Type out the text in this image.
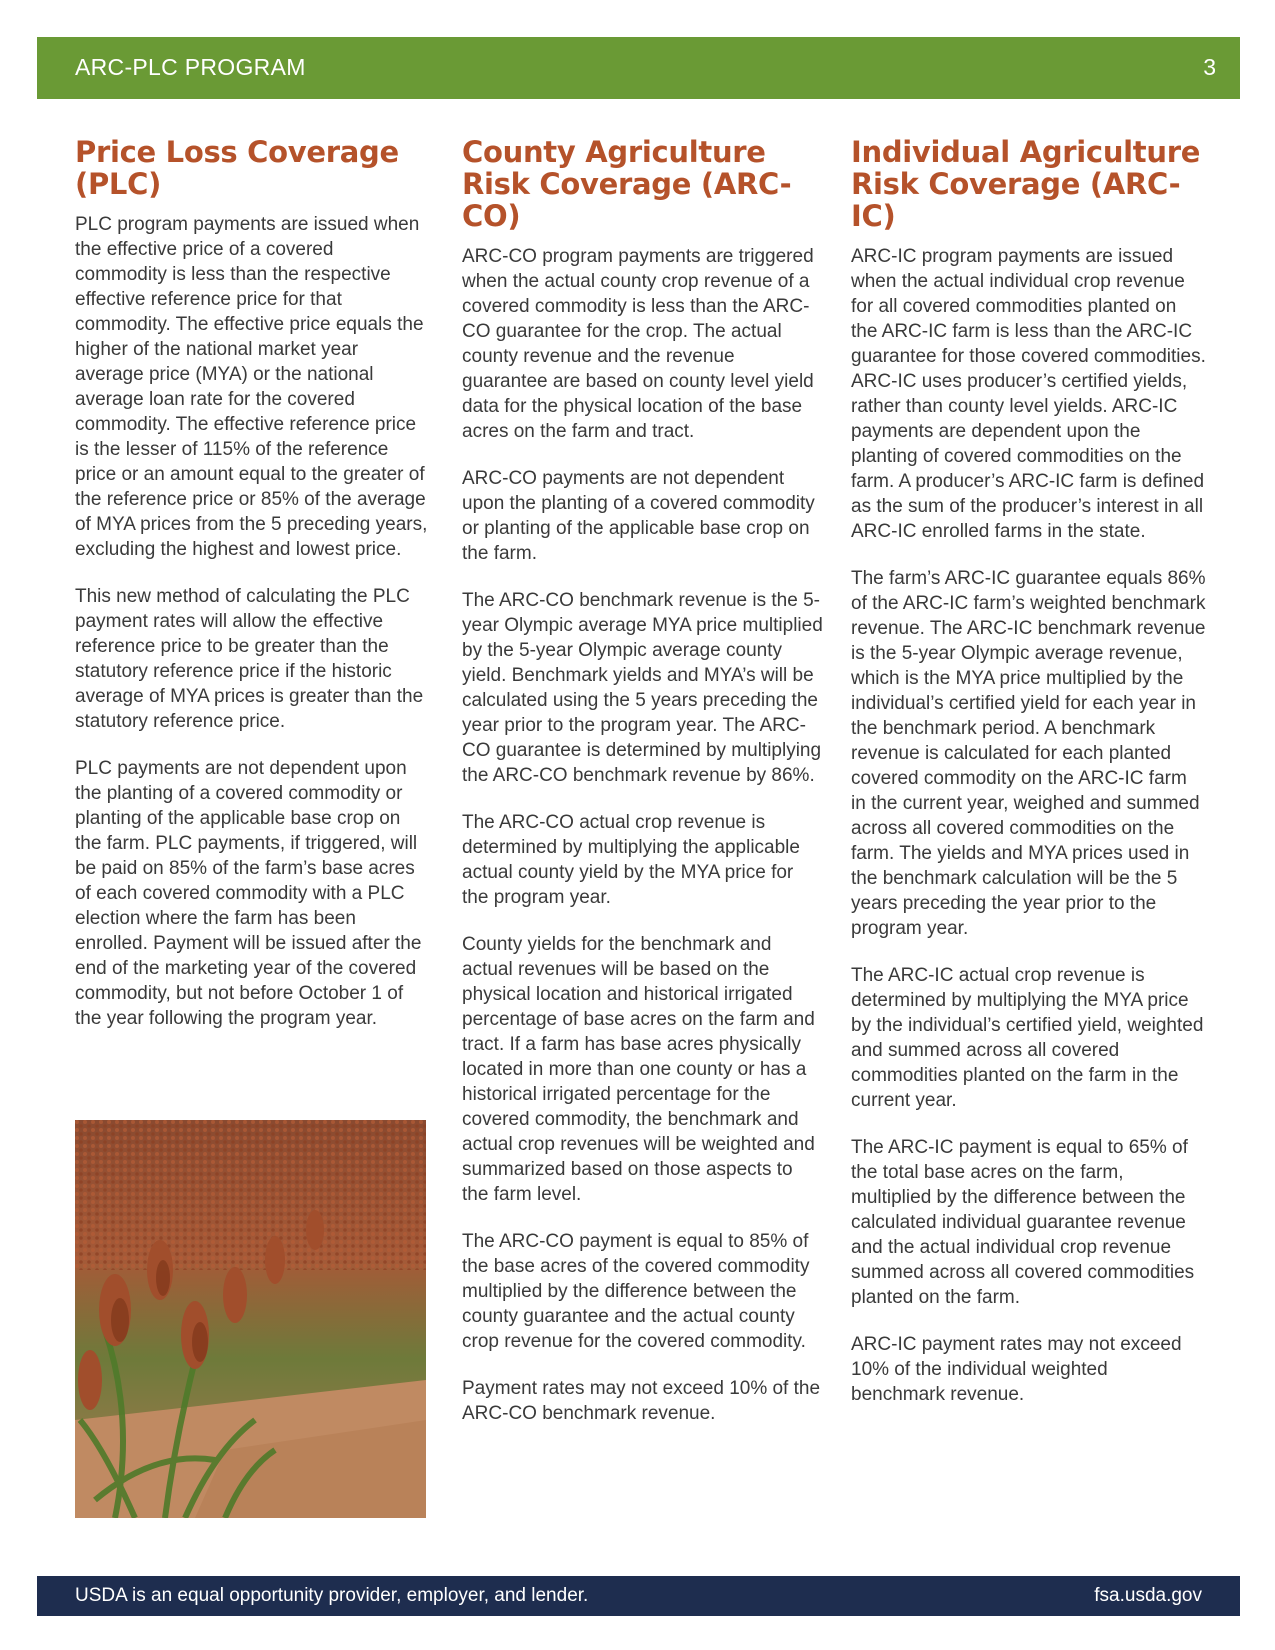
ARC-PLC PROGRAM	3
Price Loss Coverage (PLC)

PLC program payments are issued when the effective price of a covered commodity is less than the respective effective reference price for that commodity. The effective price equals the higher of the national market year average price (MYA) or the national average loan rate for the covered commodity. The effective reference price is the lesser of 115% of the reference price or an amount equal to the greater of the reference price or 85% of the average of MYA prices from the 5 preceding years, excluding the highest and lowest price.

This new method of calculating the PLC payment rates will allow the effective reference price to be greater than the statutory reference price if the historic average of MYA prices is greater than the statutory reference price.

PLC payments are not dependent upon the planting of a covered commodity or planting of the applicable base crop on the farm. PLC payments, if triggered, will be paid on 85% of the farm’s base acres of each covered commodity with a PLC election where the farm has been enrolled. Payment will be issued after the end of the marketing year of the covered commodity, but not before October 1 of the year following the program year.

County Agriculture Risk Coverage (ARC-CO)

ARC-CO program payments are triggered when the actual county crop revenue of a covered commodity is less than the ARC-CO guarantee for the crop. The actual county revenue and the revenue guarantee are based on county level yield data for the physical location of the base acres on the farm and tract.

ARC-CO payments are not dependent upon the planting of a covered commodity or planting of the applicable base crop on the farm.

The ARC-CO benchmark revenue is the 5-year Olympic average MYA price multiplied by the 5-year Olympic average county yield. Benchmark yields and MYA’s will be calculated using the 5 years preceding the year prior to the program year. The ARC-CO guarantee is determined by multiplying the ARC-CO benchmark revenue by 86%.

The ARC-CO actual crop revenue is determined by multiplying the applicable actual county yield by the MYA price for the program year.

County yields for the benchmark and actual revenues will be based on the physical location and historical irrigated percentage of base acres on the farm and tract. If a farm has base acres physically located in more than one county or has a historical irrigated percentage for the covered commodity, the benchmark and actual crop revenues will be weighted and summarized based on those aspects to the farm level.

The ARC-CO payment is equal to 85% of the base acres of the covered commodity multiplied by the difference between the county guarantee and the actual county crop revenue for the covered commodity.

Payment rates may not exceed 10% of the ARC-CO benchmark revenue.

Individual Agriculture Risk Coverage (ARC-IC)

ARC-IC program payments are issued when the actual individual crop revenue for all covered commodities planted on the ARC-IC farm is less than the ARC-IC guarantee for those covered commodities. ARC-IC uses producer’s certified yields, rather than county level yields. ARC-IC payments are dependent upon the planting of covered commodities on the farm. A producer’s ARC-IC farm is defined as the sum of the producer’s interest in all ARC-IC enrolled farms in the state.

The farm’s ARC-IC guarantee equals 86% of the ARC-IC farm’s weighted benchmark revenue. The ARC-IC benchmark revenue is the 5-year Olympic average revenue, which is the MYA price multiplied by the individual’s certified yield for each year in the benchmark period. A benchmark revenue is calculated for each planted covered commodity on the ARC-IC farm in the current year, weighed and summed across all covered commodities on the farm. The yields and MYA prices used in the benchmark calculation will be the 5 years preceding the year prior to the program year.

The ARC-IC actual crop revenue is determined by multiplying the MYA price by the individual’s certified yield, weighted and summed across all covered commodities planted on the farm in the current year.

The ARC-IC payment is equal to 65% of the total base acres on the farm, multiplied by the difference between the calculated individual guarantee revenue and the actual individual crop revenue summed across all covered commodities planted on the farm.

ARC-IC payment rates may not exceed 10% of the individual weighted benchmark revenue.

USDA is an equal opportunity provider, employer, and lender.	fsa.usda.gov
